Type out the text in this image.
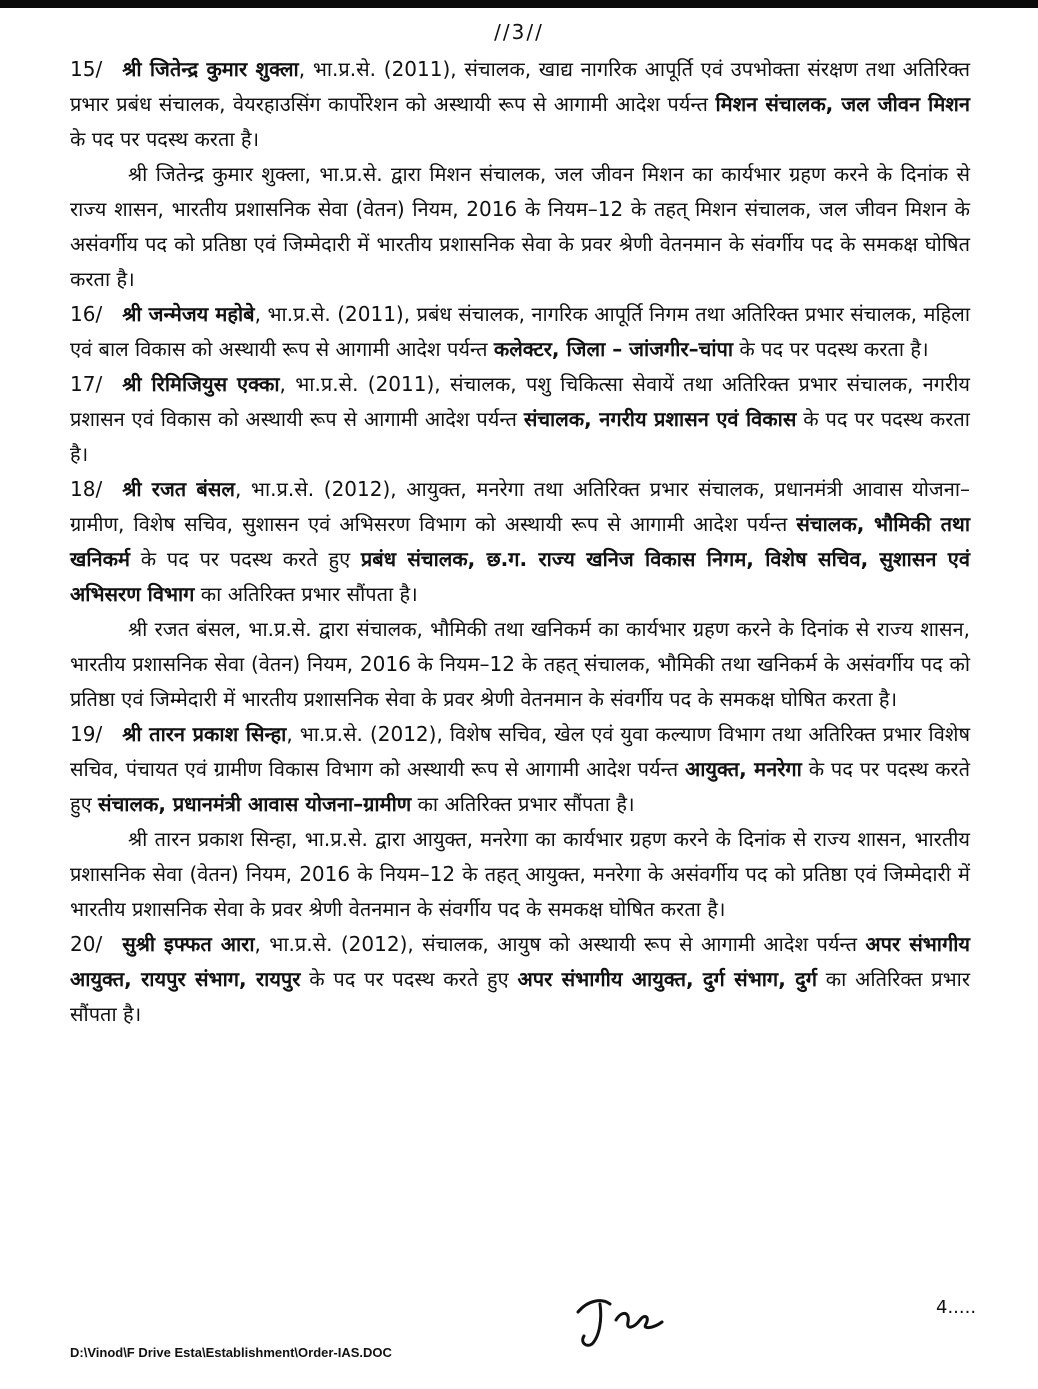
//3//

15/ श्री जितेन्द्र कुमार शुक्ला, भा.प्र.से. (2011), संचालक, खाद्य नागरिक आपूर्ति एवं उपभोक्ता संरक्षण तथा अतिरिक्त प्रभार प्रबंध संचालक, वेयरहाउसिंग कार्पोरेशन को अस्थायी रूप से आगामी आदेश पर्यन्त मिशन संचालक, जल जीवन मिशन के पद पर पदस्थ करता है।

श्री जितेन्द्र कुमार शुक्ला, भा.प्र.से. द्वारा मिशन संचालक, जल जीवन मिशन का कार्यभार ग्रहण करने के दिनांक से राज्य शासन, भारतीय प्रशासनिक सेवा (वेतन) नियम, 2016 के नियम–12 के तहत् मिशन संचालक, जल जीवन मिशन के असंवर्गीय पद को प्रतिष्ठा एवं जिम्मेदारी में भारतीय प्रशासनिक सेवा के प्रवर श्रेणी वेतनमान के संवर्गीय पद के समकक्ष घोषित करता है।

16/ श्री जन्मेजय महोबे, भा.प्र.से. (2011), प्रबंध संचालक, नागरिक आपूर्ति निगम तथा अतिरिक्त प्रभार संचालक, महिला एवं बाल विकास को अस्थायी रूप से आगामी आदेश पर्यन्त कलेक्टर, जिला – जांजगीर–चांपा के पद पर पदस्थ करता है।

17/ श्री रिमिजियुस एक्का, भा.प्र.से. (2011), संचालक, पशु चिकित्सा सेवायें तथा अतिरिक्त प्रभार संचालक, नगरीय प्रशासन एवं विकास को अस्थायी रूप से आगामी आदेश पर्यन्त संचालक, नगरीय प्रशासन एवं विकास के पद पर पदस्थ करता है।

18/ श्री रजत बंसल, भा.प्र.से. (2012), आयुक्त, मनरेगा तथा अतिरिक्त प्रभार संचालक, प्रधानमंत्री आवास योजना–ग्रामीण, विशेष सचिव, सुशासन एवं अभिसरण विभाग को अस्थायी रूप से आगामी आदेश पर्यन्त संचालक, भौमिकी तथा खनिकर्म के पद पर पदस्थ करते हुए प्रबंध संचालक, छ.ग. राज्य खनिज विकास निगम, विशेष सचिव, सुशासन एवं अभिसरण विभाग का अतिरिक्त प्रभार सौंपता है।

श्री रजत बंसल, भा.प्र.से. द्वारा संचालक, भौमिकी तथा खनिकर्म का कार्यभार ग्रहण करने के दिनांक से राज्य शासन, भारतीय प्रशासनिक सेवा (वेतन) नियम, 2016 के नियम–12 के तहत् संचालक, भौमिकी तथा खनिकर्म के असंवर्गीय पद को प्रतिष्ठा एवं जिम्मेदारी में भारतीय प्रशासनिक सेवा के प्रवर श्रेणी वेतनमान के संवर्गीय पद के समकक्ष घोषित करता है।

19/ श्री तारन प्रकाश सिन्हा, भा.प्र.से. (2012), विशेष सचिव, खेल एवं युवा कल्याण विभाग तथा अतिरिक्त प्रभार विशेष सचिव, पंचायत एवं ग्रामीण विकास विभाग को अस्थायी रूप से आगामी आदेश पर्यन्त आयुक्त, मनरेगा के पद पर पदस्थ करते हुए संचालक, प्रधानमंत्री आवास योजना–ग्रामीण का अतिरिक्त प्रभार सौंपता है।

श्री तारन प्रकाश सिन्हा, भा.प्र.से. द्वारा आयुक्त, मनरेगा का कार्यभार ग्रहण करने के दिनांक से राज्य शासन, भारतीय प्रशासनिक सेवा (वेतन) नियम, 2016 के नियम–12 के तहत् आयुक्त, मनरेगा के असंवर्गीय पद को प्रतिष्ठा एवं जिम्मेदारी में भारतीय प्रशासनिक सेवा के प्रवर श्रेणी वेतनमान के संवर्गीय पद के समकक्ष घोषित करता है।

20/ सुश्री इफ्फत आरा, भा.प्र.से. (2012), संचालक, आयुष को अस्थायी रूप से आगामी आदेश पर्यन्त अपर संभागीय आयुक्त, रायपुर संभाग, रायपुर के पद पर पदस्थ करते हुए अपर संभागीय आयुक्त, दुर्ग संभाग, दुर्ग का अतिरिक्त प्रभार सौंपता है।

4.....
D:\Vinod\F Drive Esta\Establishment\Order-IAS.DOC
